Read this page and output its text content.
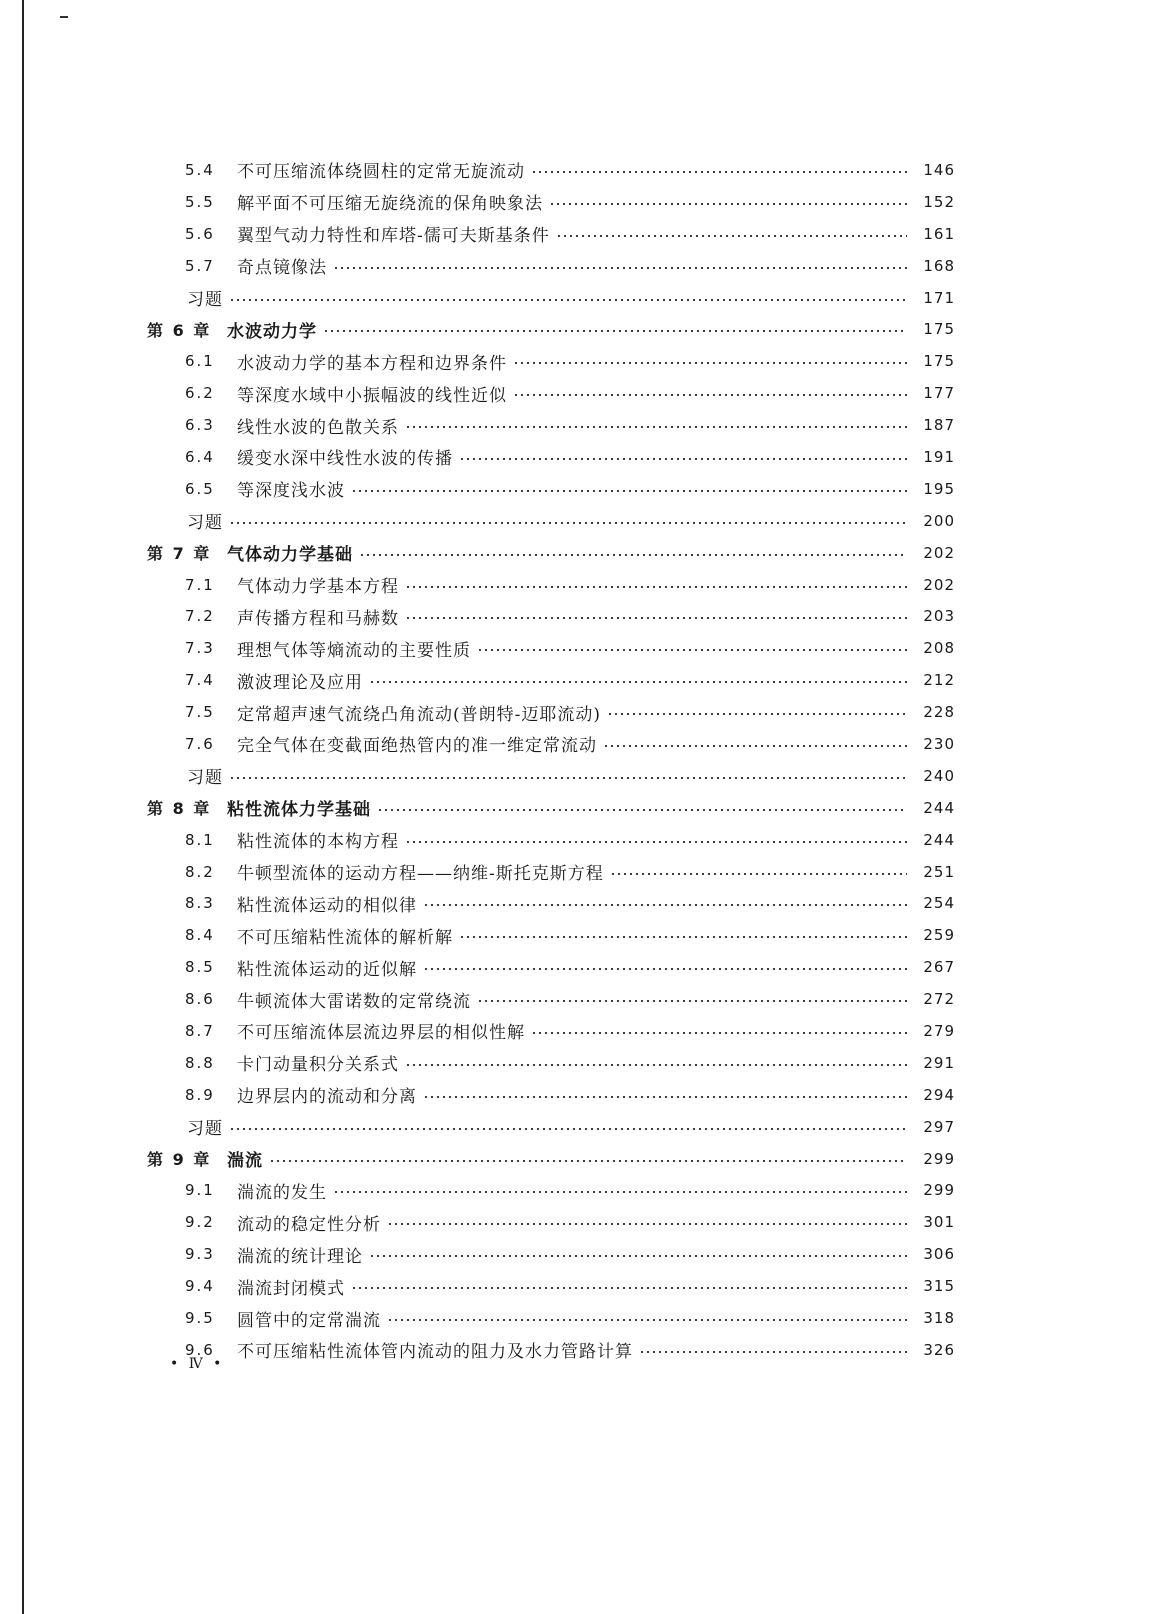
5.4	不可压缩流体绕圆柱的定常无旋流动	146
5.5	解平面不可压缩无旋绕流的保角映象法	152
5.6	翼型气动力特性和库塔-儒可夫斯基条件	161
5.7	奇点镜像法	168
习题	171
第 6 章 水波动力学	175
6.1	水波动力学的基本方程和边界条件	175
6.2	等深度水域中小振幅波的线性近似	177
6.3	线性水波的色散关系	187
6.4	缓变水深中线性水波的传播	191
6.5	等深度浅水波	195
习题	200
第 7 章 气体动力学基础	202
7.1	气体动力学基本方程	202
7.2	声传播方程和马赫数	203
7.3	理想气体等熵流动的主要性质	208
7.4	激波理论及应用	212
7.5	定常超声速气流绕凸角流动(普朗特-迈耶流动)	228
7.6	完全气体在变截面绝热管内的准一维定常流动	230
习题	240
第 8 章 粘性流体力学基础	244
8.1	粘性流体的本构方程	244
8.2	牛顿型流体的运动方程——纳维-斯托克斯方程	251
8.3	粘性流体运动的相似律	254
8.4	不可压缩粘性流体的解析解	259
8.5	粘性流体运动的近似解	267
8.6	牛顿流体大雷诺数的定常绕流	272
8.7	不可压缩流体层流边界层的相似性解	279
8.8	卡门动量积分关系式	291
8.9	边界层内的流动和分离	294
习题	297
第 9 章 湍流	299
9.1	湍流的发生	299
9.2	流动的稳定性分析	301
9.3	湍流的统计理论	306
9.4	湍流封闭模式	315
9.5	圆管中的定常湍流	318
9.6	不可压缩粘性流体管内流动的阻力及水力管路计算	326
• Ⅳ •
